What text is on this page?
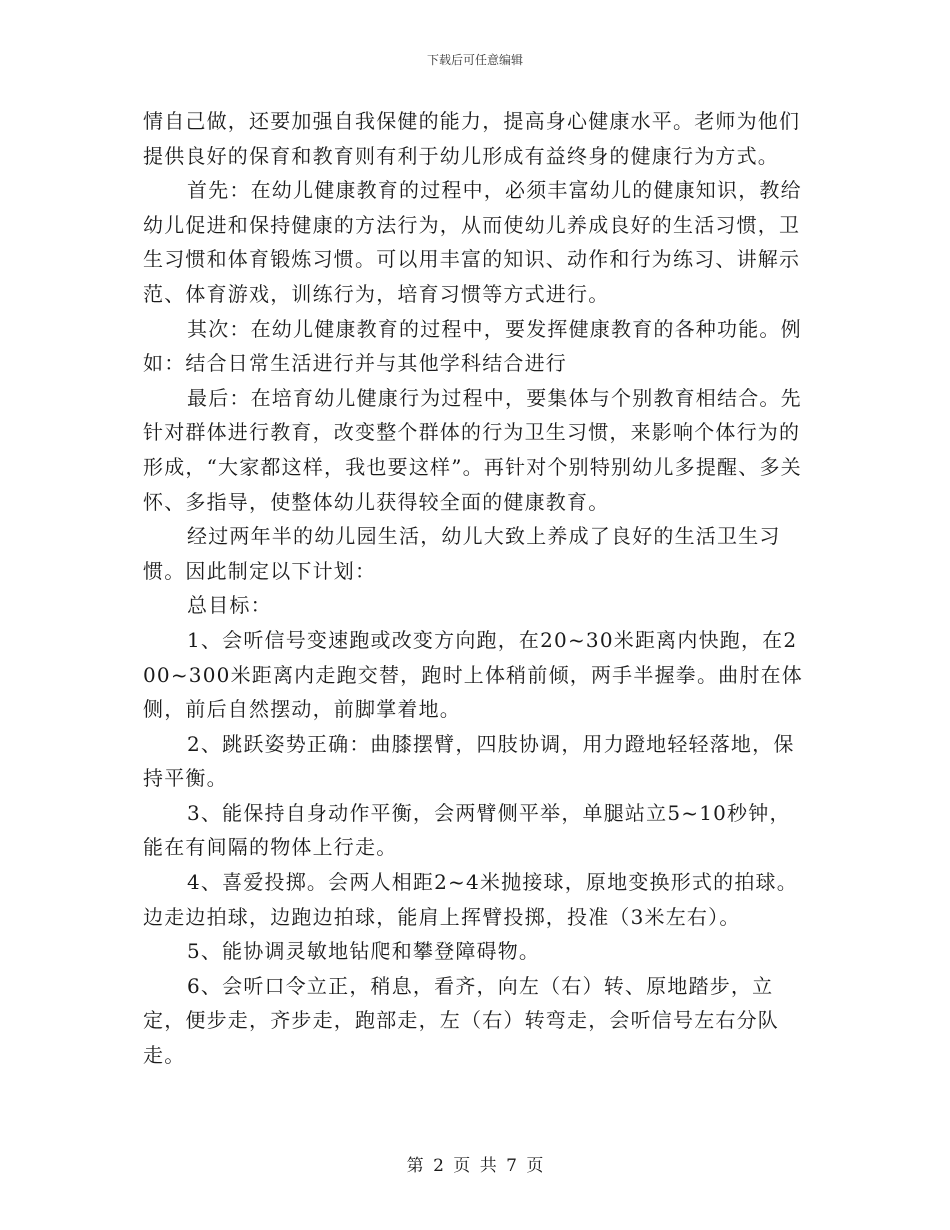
下载后可任意编辑

情自己做，还要加强自我保健的能力，提高身心健康水平。老师为他们提供良好的保育和教育则有利于幼儿形成有益终身的健康行为方式。

首先：在幼儿健康教育的过程中，必须丰富幼儿的健康知识，教给幼儿促进和保持健康的方法行为，从而使幼儿养成良好的生活习惯，卫生习惯和体育锻炼习惯。可以用丰富的知识、动作和行为练习、讲解示范、体育游戏，训练行为，培育习惯等方式进行。

其次：在幼儿健康教育的过程中，要发挥健康教育的各种功能。例如：结合日常生活进行并与其他学科结合进行

最后：在培育幼儿健康行为过程中，要集体与个别教育相结合。先针对群体进行教育，改变整个群体的行为卫生习惯，来影响个体行为的形成，“大家都这样，我也要这样”。再针对个别特别幼儿多提醒、多关怀、多指导，使整体幼儿获得较全面的健康教育。

经过两年半的幼儿园生活，幼儿大致上养成了良好的生活卫生习惯。因此制定以下计划：

总目标：

1、会听信号变速跑或改变方向跑，在20~30米距离内快跑，在200~300米距离内走跑交替，跑时上体稍前倾，两手半握拳。曲肘在体侧，前后自然摆动，前脚掌着地。

2、跳跃姿势正确：曲膝摆臂，四肢协调，用力蹬地轻轻落地，保持平衡。

3、能保持自身动作平衡，会两臂侧平举，单腿站立5~10秒钟，能在有间隔的物体上行走。

4、喜爱投掷。会两人相距2~4米抛接球，原地变换形式的拍球。边走边拍球，边跑边拍球，能肩上挥臂投掷，投准（3米左右）。

5、能协调灵敏地钻爬和攀登障碍物。

6、会听口令立正，稍息，看齐，向左（右）转、原地踏步，立定，便步走，齐步走，跑部走，左（右）转弯走，会听信号左右分队走。

第 2 页 共 7 页
